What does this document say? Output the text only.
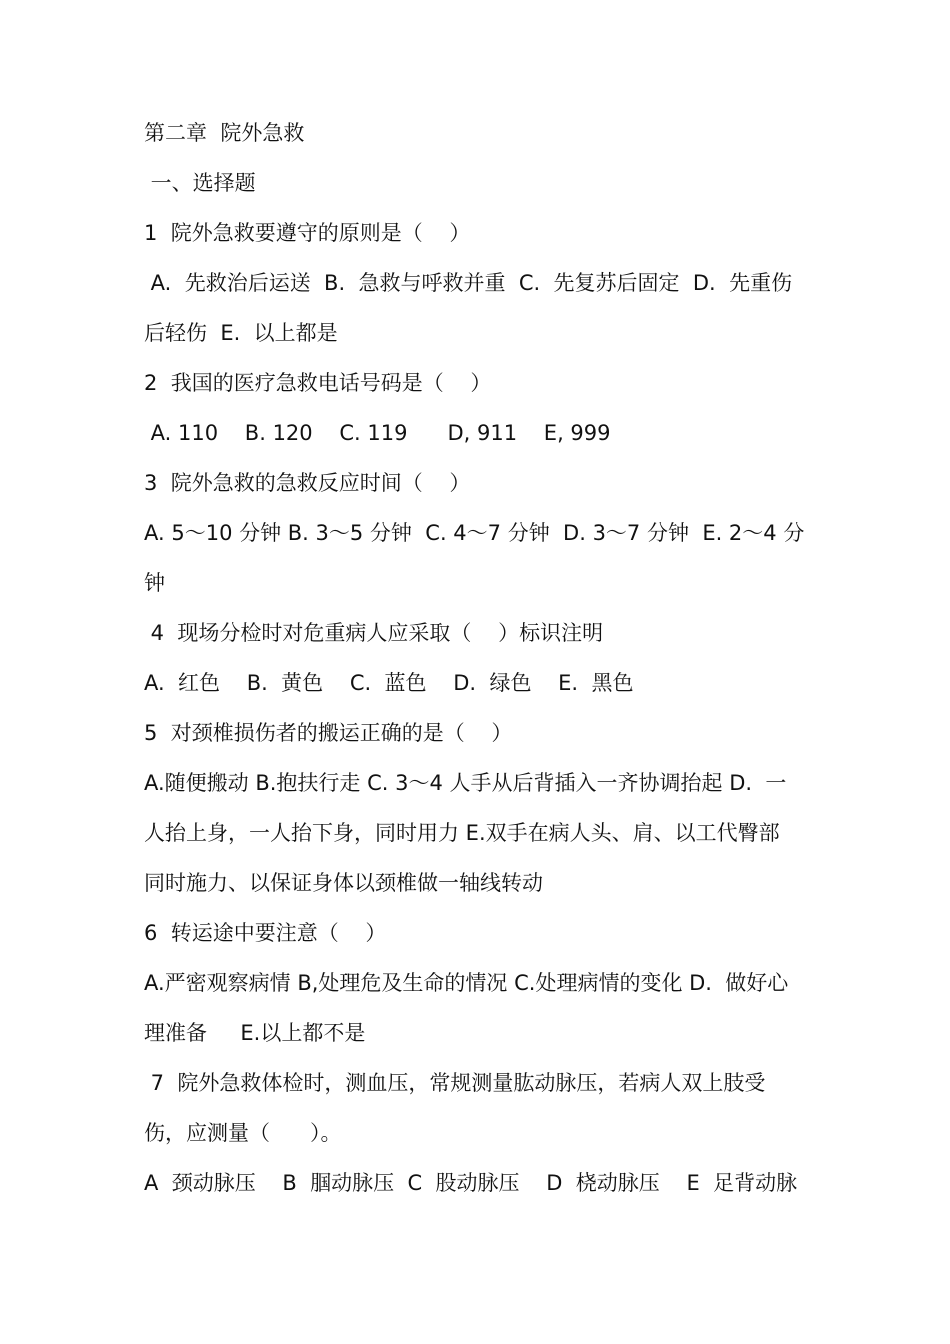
第二章  院外急救
一、选择题
1  院外急救要遵守的原则是（    ）
A.  先救治后运送  B.  急救与呼救并重  C.  先复苏后固定  D.  先重伤
后轻伤  E.  以上都是
2  我国的医疗急救电话号码是（    ）
A. 110    B. 120    C. 119      D, 911    E, 999
3  院外急救的急救反应时间（    ）
A. 5～10 分钟 B. 3～5 分钟  C. 4～7 分钟  D. 3～7 分钟  E. 2～4 分
钟
4  现场分检时对危重病人应采取（    ）标识注明
A.  红色    B.  黄色    C.  蓝色    D.  绿色    E.  黑色
5  对颈椎损伤者的搬运正确的是（    ）
A.随便搬动 B.抱扶行走 C. 3～4 人手从后背插入一齐协调抬起 D.  一
人抬上身，一人抬下身，同时用力 E.双手在病人头、肩、以工代臀部
同时施力、以保证身体以颈椎做一轴线转动
6  转运途中要注意（    ）
A.严密观察病情 B,处理危及生命的情况 C.处理病情的变化 D.  做好心
理准备     E.以上都不是
7  院外急救体检时，测血压，常规测量肱动脉压，若病人双上肢受
伤，应测量（      ）。
A  颈动脉压    B  腘动脉压  C  股动脉压    D  桡动脉压    E  足背动脉
